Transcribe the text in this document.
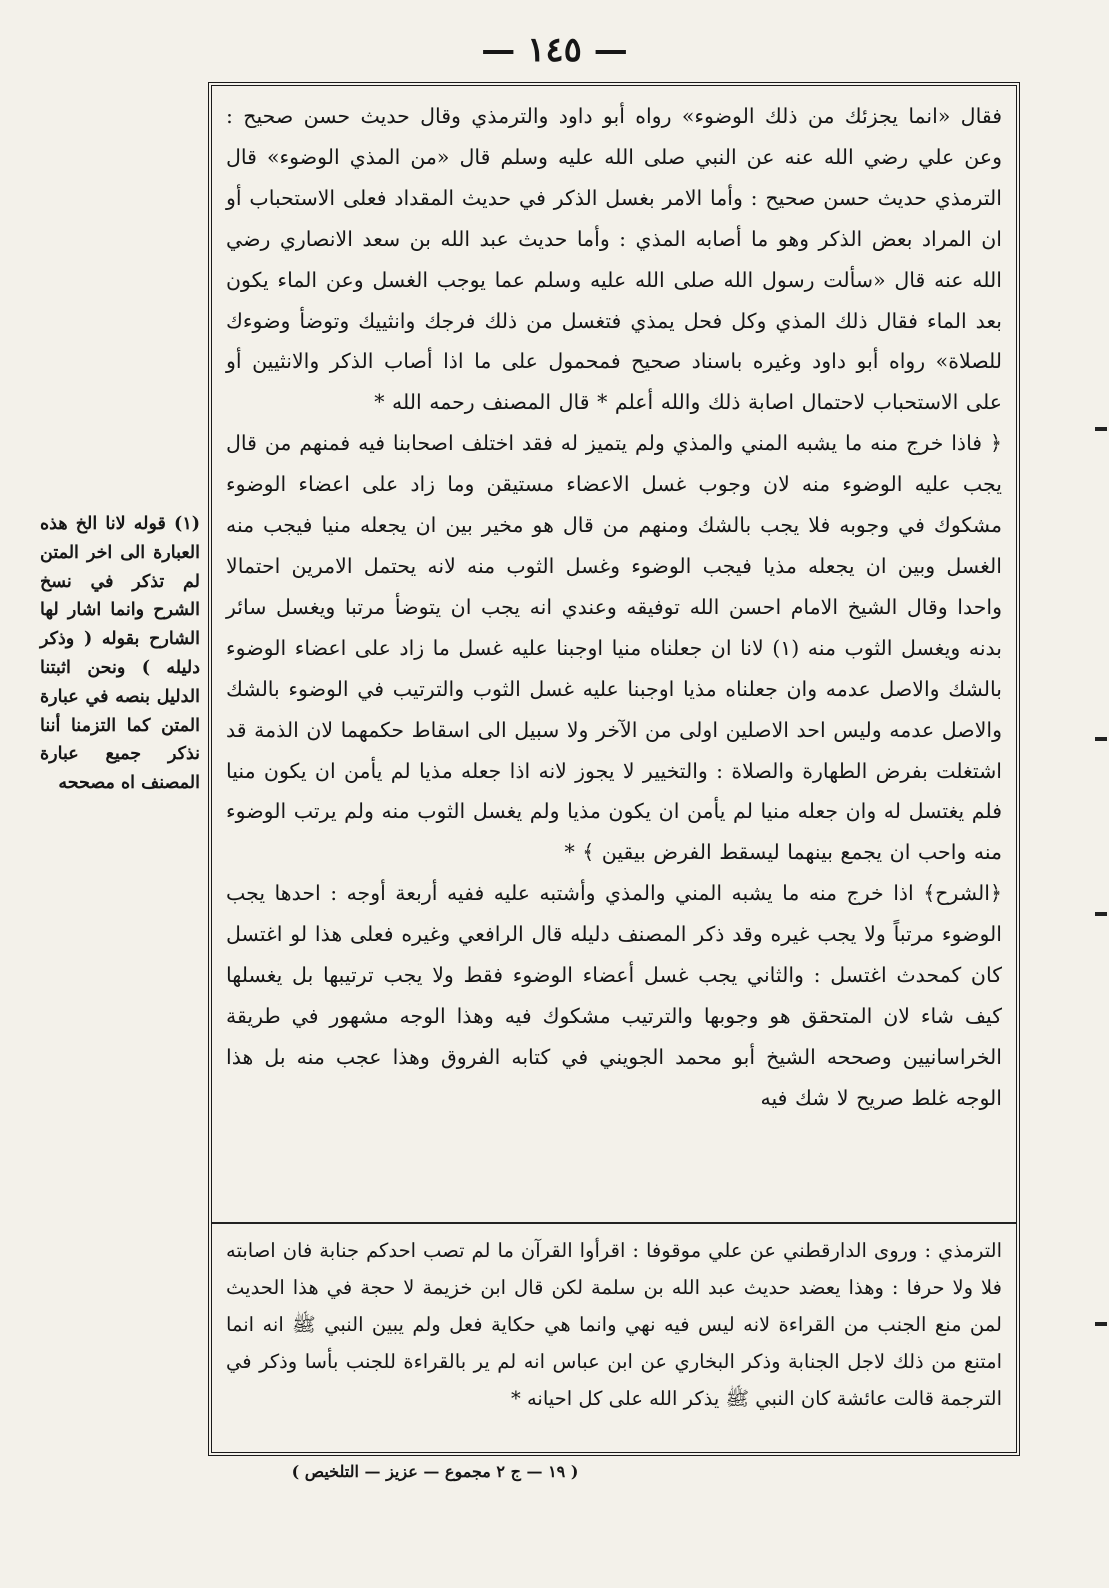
— ١٤٥ —
(١) قوله لانا الخ هذه العبارة الى اخر المتن لم تذكر في نسخ الشرح وانما اشار لها الشارح بقوله ( وذكر دليله ) ونحن اثبتنا الدليل بنصه في عبارة المتن كما التزمنا أننا نذكر جميع عبارة المصنف اه مصححه

فقال «انما يجزئك من ذلك الوضوء» رواه أبو داود والترمذي وقال حديث حسن صحيح : وعن علي رضي الله عنه عن النبي صلى الله عليه وسلم قال «من المذي الوضوء» قال الترمذي حديث حسن صحيح : وأما الامر بغسل الذكر في حديث المقداد فعلى الاستحباب أو ان المراد بعض الذكر وهو ما أصابه المذي : وأما حديث عبد الله بن سعد الانصاري رضي الله عنه قال «سألت رسول الله صلى الله عليه وسلم عما يوجب الغسل وعن الماء يكون بعد الماء فقال ذلك المذي وكل فحل يمذي فتغسل من ذلك فرجك وانثييك وتوضأ وضوءك للصلاة» رواه أبو داود وغيره باسناد صحيح فمحمول على ما اذا أصاب الذكر والانثيين أو على الاستحباب لاحتمال اصابة ذلك والله أعلم * قال المصنف رحمه الله *

﴿ فاذا خرج منه ما يشبه المني والمذي ولم يتميز له فقد اختلف اصحابنا فيه فمنهم من قال يجب عليه الوضوء منه لان وجوب غسل الاعضاء مستيقن وما زاد على اعضاء الوضوء مشكوك في وجوبه فلا يجب بالشك ومنهم من قال هو مخير بين ان يجعله منيا فيجب منه الغسل وبين ان يجعله مذيا فيجب الوضوء وغسل الثوب منه لانه يحتمل الامرين احتمالا واحدا وقال الشيخ الامام احسن الله توفيقه وعندي انه يجب ان يتوضأ مرتبا ويغسل سائر بدنه ويغسل الثوب منه (١) لانا ان جعلناه منيا اوجبنا عليه غسل ما زاد على اعضاء الوضوء بالشك والاصل عدمه وان جعلناه مذيا اوجبنا عليه غسل الثوب والترتيب في الوضوء بالشك والاصل عدمه وليس احد الاصلين اولى من الآخر ولا سبيل الى اسقاط حكمهما لان الذمة قد اشتغلت بفرض الطهارة والصلاة : والتخيير لا يجوز لانه اذا جعله مذيا لم يأمن ان يكون منيا فلم يغتسل له وان جعله منيا لم يأمن ان يكون مذيا ولم يغسل الثوب منه ولم يرتب الوضوء منه واحب ان يجمع بينهما ليسقط الفرض بيقين ﴾ *

﴿الشرح﴾ اذا خرج منه ما يشبه المني والمذي وأشتبه عليه ففيه أربعة أوجه : احدها يجب الوضوء مرتباً ولا يجب غيره وقد ذكر المصنف دليله قال الرافعي وغيره فعلى هذا لو اغتسل كان كمحدث اغتسل : والثاني يجب غسل أعضاء الوضوء فقط ولا يجب ترتيبها بل يغسلها كيف شاء لان المتحقق هو وجوبها والترتيب مشكوك فيه وهذا الوجه مشهور في طريقة الخراسانيين وصححه الشيخ أبو محمد الجويني في كتابه الفروق وهذا عجب منه بل هذا الوجه غلط صريح لا شك فيه

الترمذي : وروى الدارقطني عن علي موقوفا : اقرأوا القرآن ما لم تصب احدكم جنابة فان اصابته فلا ولا حرفا : وهذا يعضد حديث عبد الله بن سلمة لكن قال ابن خزيمة لا حجة في هذا الحديث لمن منع الجنب من القراءة لانه ليس فيه نهي وانما هي حكاية فعل ولم يبين النبي ﷺ انه انما امتنع من ذلك لاجل الجنابة وذكر البخاري عن ابن عباس انه لم ير بالقراءة للجنب بأسا وذكر في الترجمة قالت عائشة كان النبي ﷺ يذكر الله على كل احيانه *

( ١٩ — ج ٢ مجموع — عزيز — التلخيص )
